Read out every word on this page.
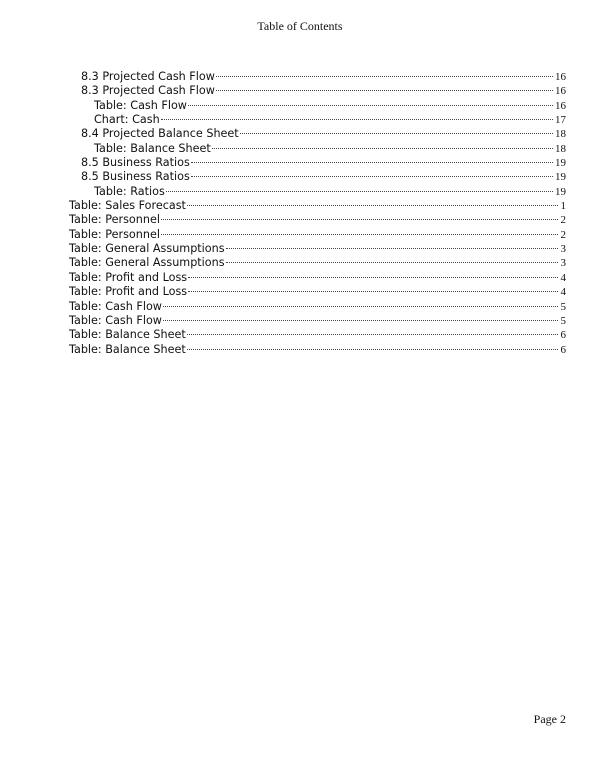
Table of Contents
8.3 Projected Cash Flow	16
8.3 Projected Cash Flow	16
Table: Cash Flow	16
Chart: Cash	17
8.4 Projected Balance Sheet	18
Table: Balance Sheet	18
8.5 Business Ratios	19
8.5 Business Ratios	19
Table: Ratios	19
Table: Sales Forecast	1
Table: Personnel	2
Table: Personnel	2
Table: General Assumptions	3
Table: General Assumptions	3
Table: Profit and Loss	4
Table: Profit and Loss	4
Table: Cash Flow	5
Table: Cash Flow	5
Table: Balance Sheet	6
Table: Balance Sheet	6
Page 2
